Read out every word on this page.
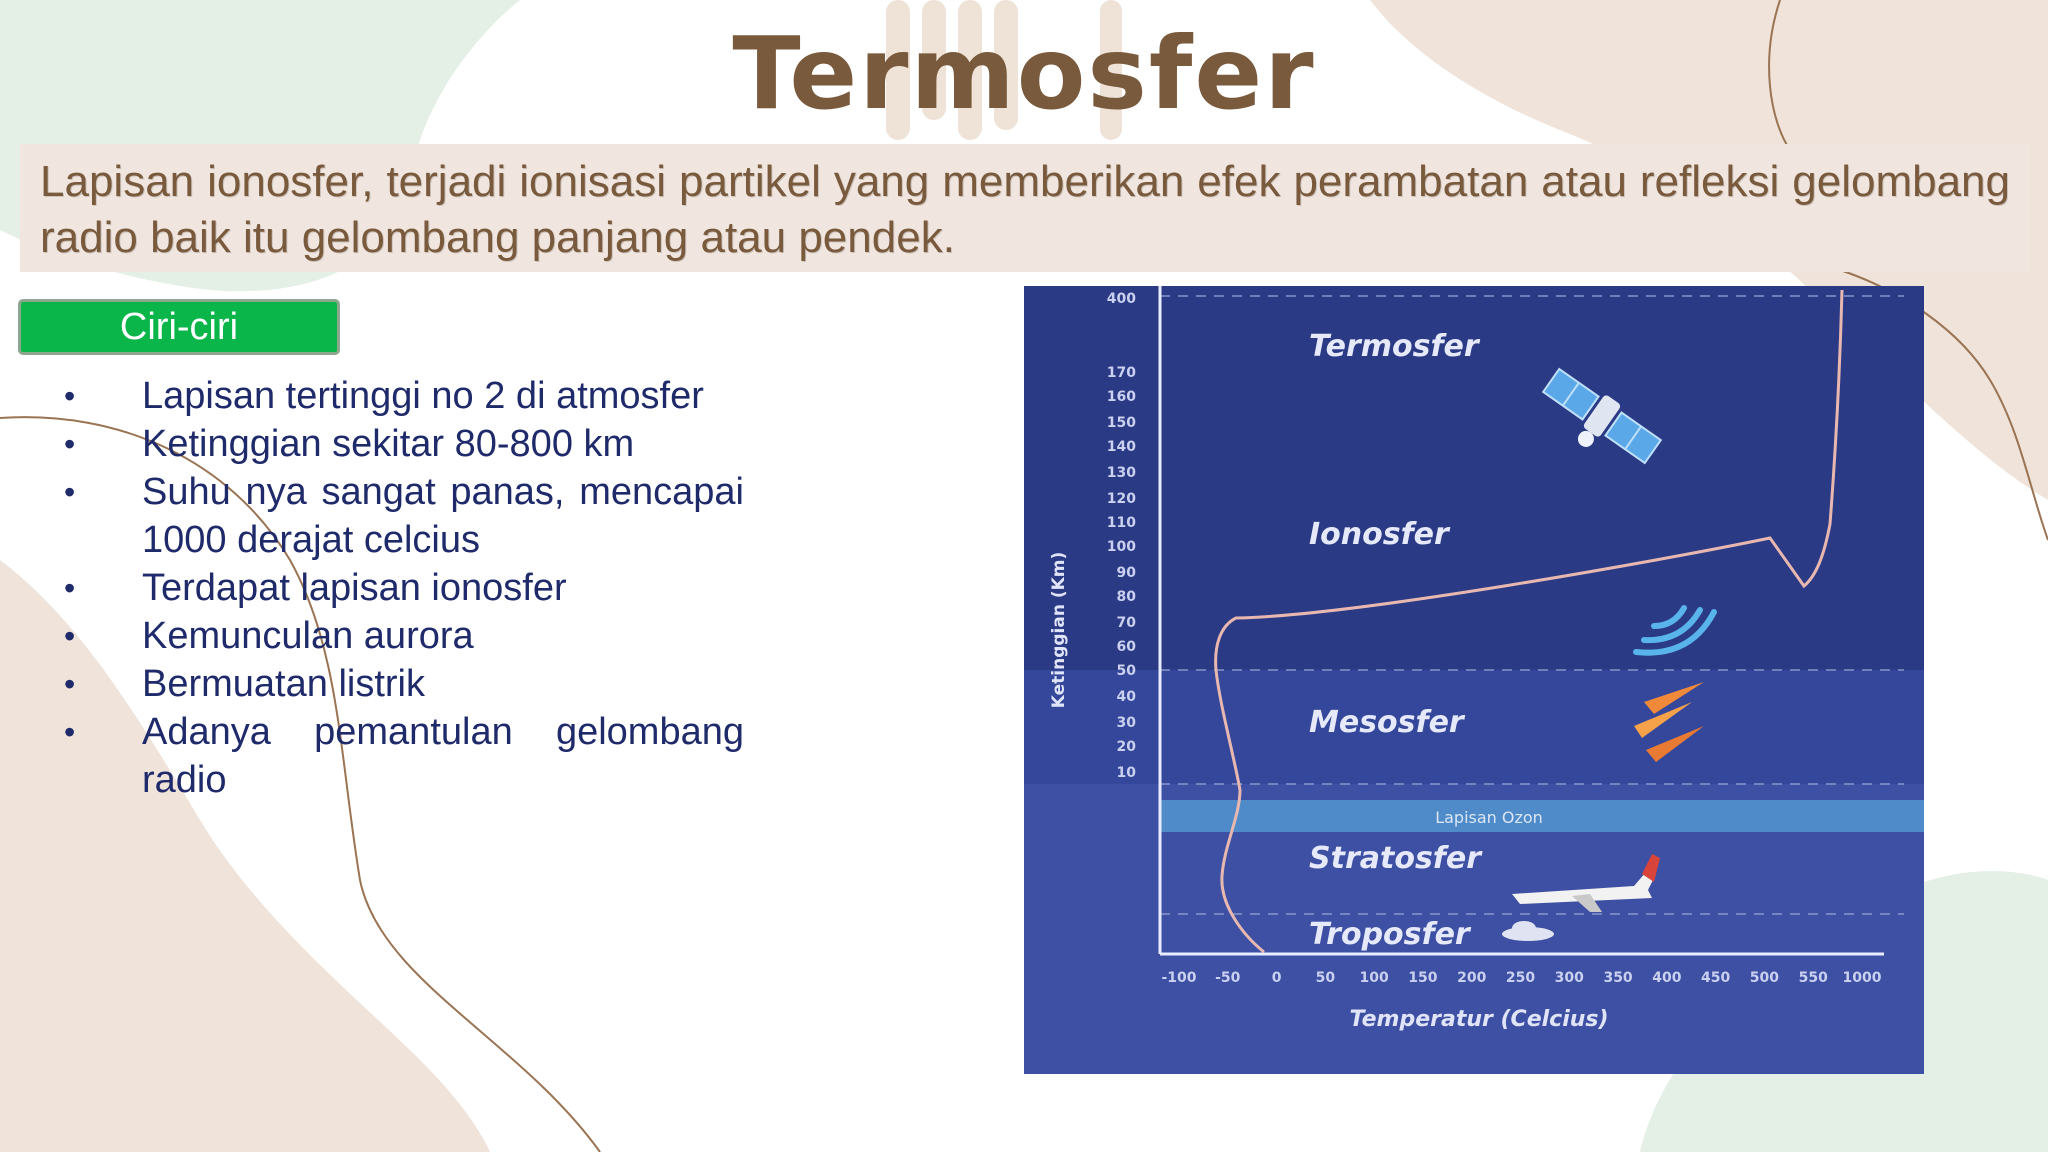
Termosfer
Lapisan ionosfer, terjadi ionisasi partikel yang memberikan efek perambatan atau refleksi gelombang radio baik itu gelombang panjang atau pendek.
Ciri-ciri
• Lapisan tertinggi no 2 di atmosfer
• Ketinggian sekitar 80-800 km
• Suhu nya sangat panas, mencapai 1000 derajat celcius
• Terdapat lapisan ionosfer
• Kemunculan aurora
• Bermuatan listrik
• Adanya pemantulan gelombang radio
400
170
160
150
140
130
120
110
100
90
80
70
60
50
40
30
20
10
-100 -50 0 50 100 150 200 250 300 350 400 450 500 550 1000
Ketinggian (Km)
Temperatur (Celcius)
Termosfer
Ionosfer
Mesosfer
Lapisan Ozon
Stratosfer
Troposfer
